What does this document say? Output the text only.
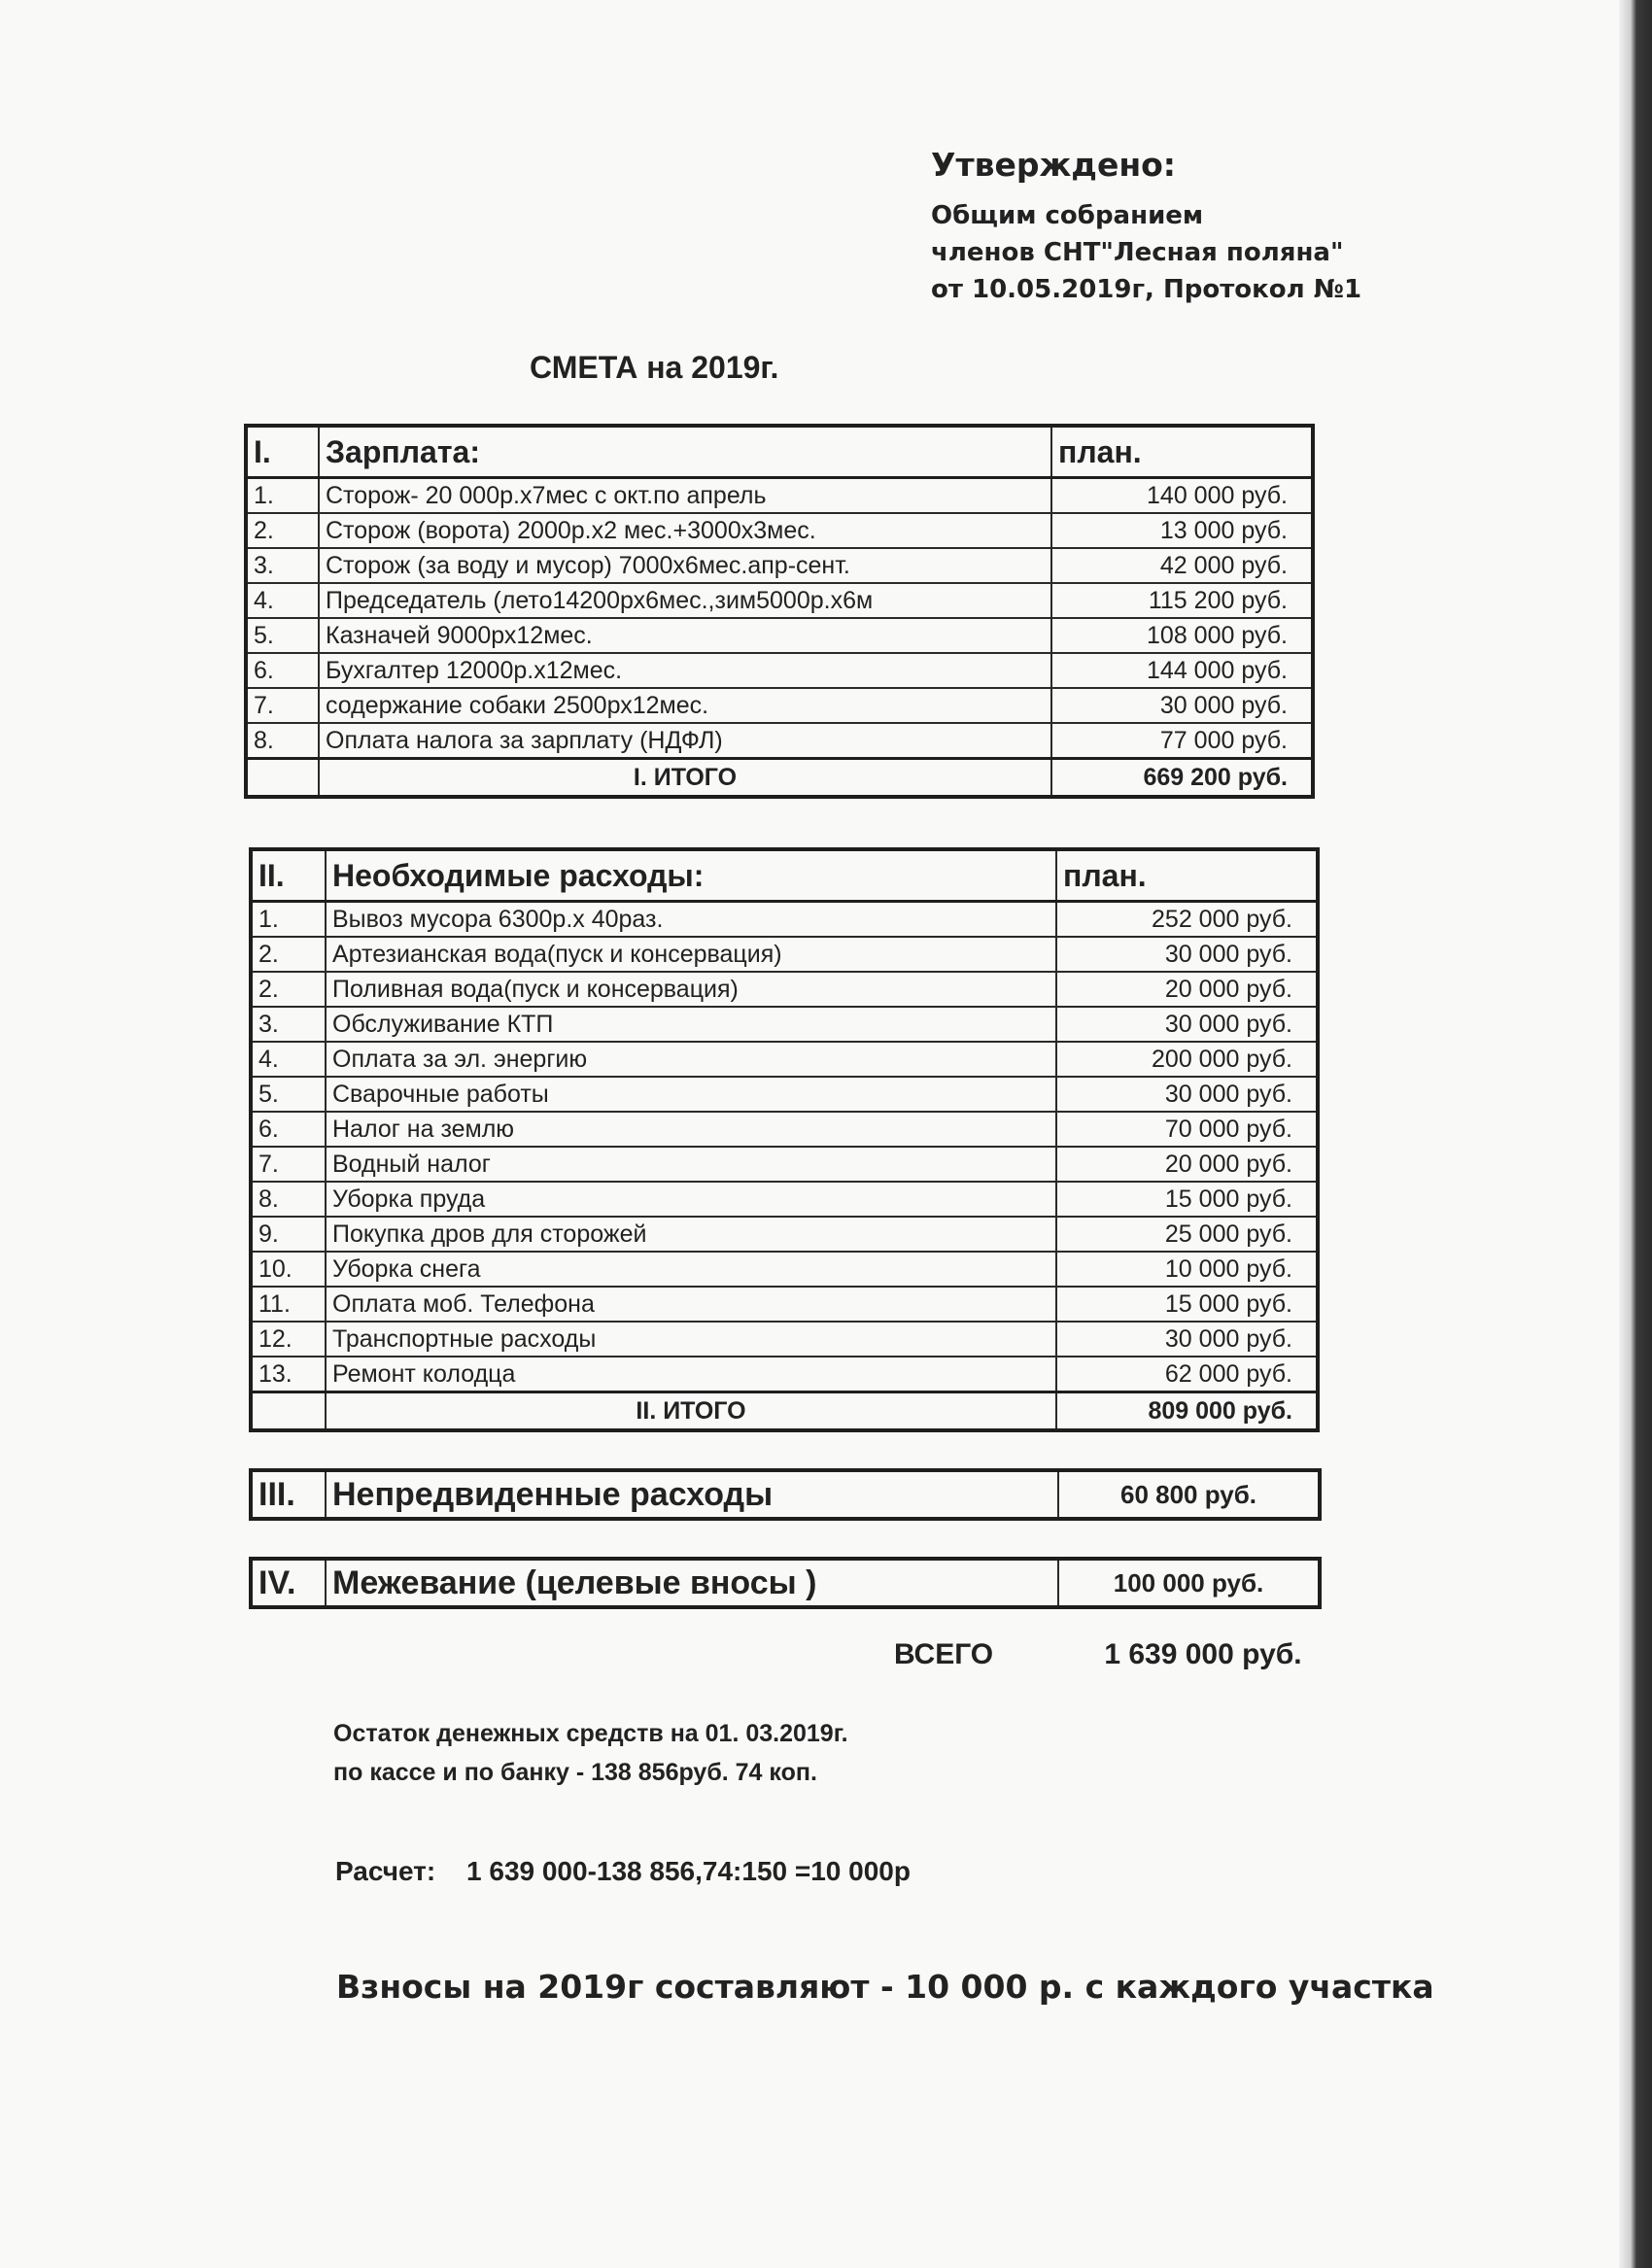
Утверждено:
Общим собранием
членов СНТ"Лесная поляна"
от 10.05.2019г, Протокол №1
СМЕТА на 2019г.
I.	Зарплата:	план.
1.	Сторож- 20 000р.х7мес с окт.по апрель	140 000 руб.
2.	Сторож (ворота) 2000р.х2 мес.+3000х3мес.	13 000 руб.
3.	Сторож (за воду и мусор) 7000х6мес.апр-сент.	42 000 руб.
4.	Председатель (лето14200рх6мес.,зим5000р.х6м	115 200 руб.
5.	Казначей 9000рх12мес.	108 000 руб.
6.	Бухгалтер 12000р.х12мес.	144 000 руб.
7.	содержание собаки 2500рх12мес.	30 000 руб.
8.	Оплата налога за зарплату (НДФЛ)	77 000 руб.
	I. ИТОГО	669 200 руб.
II.	Необходимые расходы:	план.
1.	Вывоз мусора 6300р.х 40раз.	252 000 руб.
2.	Артезианская вода(пуск и консервация)	30 000 руб.
2.	Поливная вода(пуск и консервация)	20 000 руб.
3.	Обслуживание КТП	30 000 руб.
4.	Оплата за эл. энергию	200 000 руб.
5.	Сварочные работы	30 000 руб.
6.	Налог на землю	70 000 руб.
7.	Водный налог	20 000 руб.
8.	Уборка пруда	15 000 руб.
9.	Покупка дров для сторожей	25 000 руб.
10.	Уборка снега	10 000 руб.
11.	Оплата моб. Телефона	15 000 руб.
12.	Транспортные расходы	30 000 руб.
13.	Ремонт колодца	62 000 руб.
	II. ИТОГО	809 000 руб.
III.	Непредвиденные расходы	60 800 руб.
IV.	Межевание (целевые вносы )	100 000 руб.
ВСЕГО	1 639 000 руб.
Остаток денежных средств на 01. 03.2019г.
по кассе и по банку - 138 856руб. 74 коп.
Расчет: 1 639 000-138 856,74:150 =10 000р
Взносы на 2019г составляют - 10 000 р. с каждого участка
